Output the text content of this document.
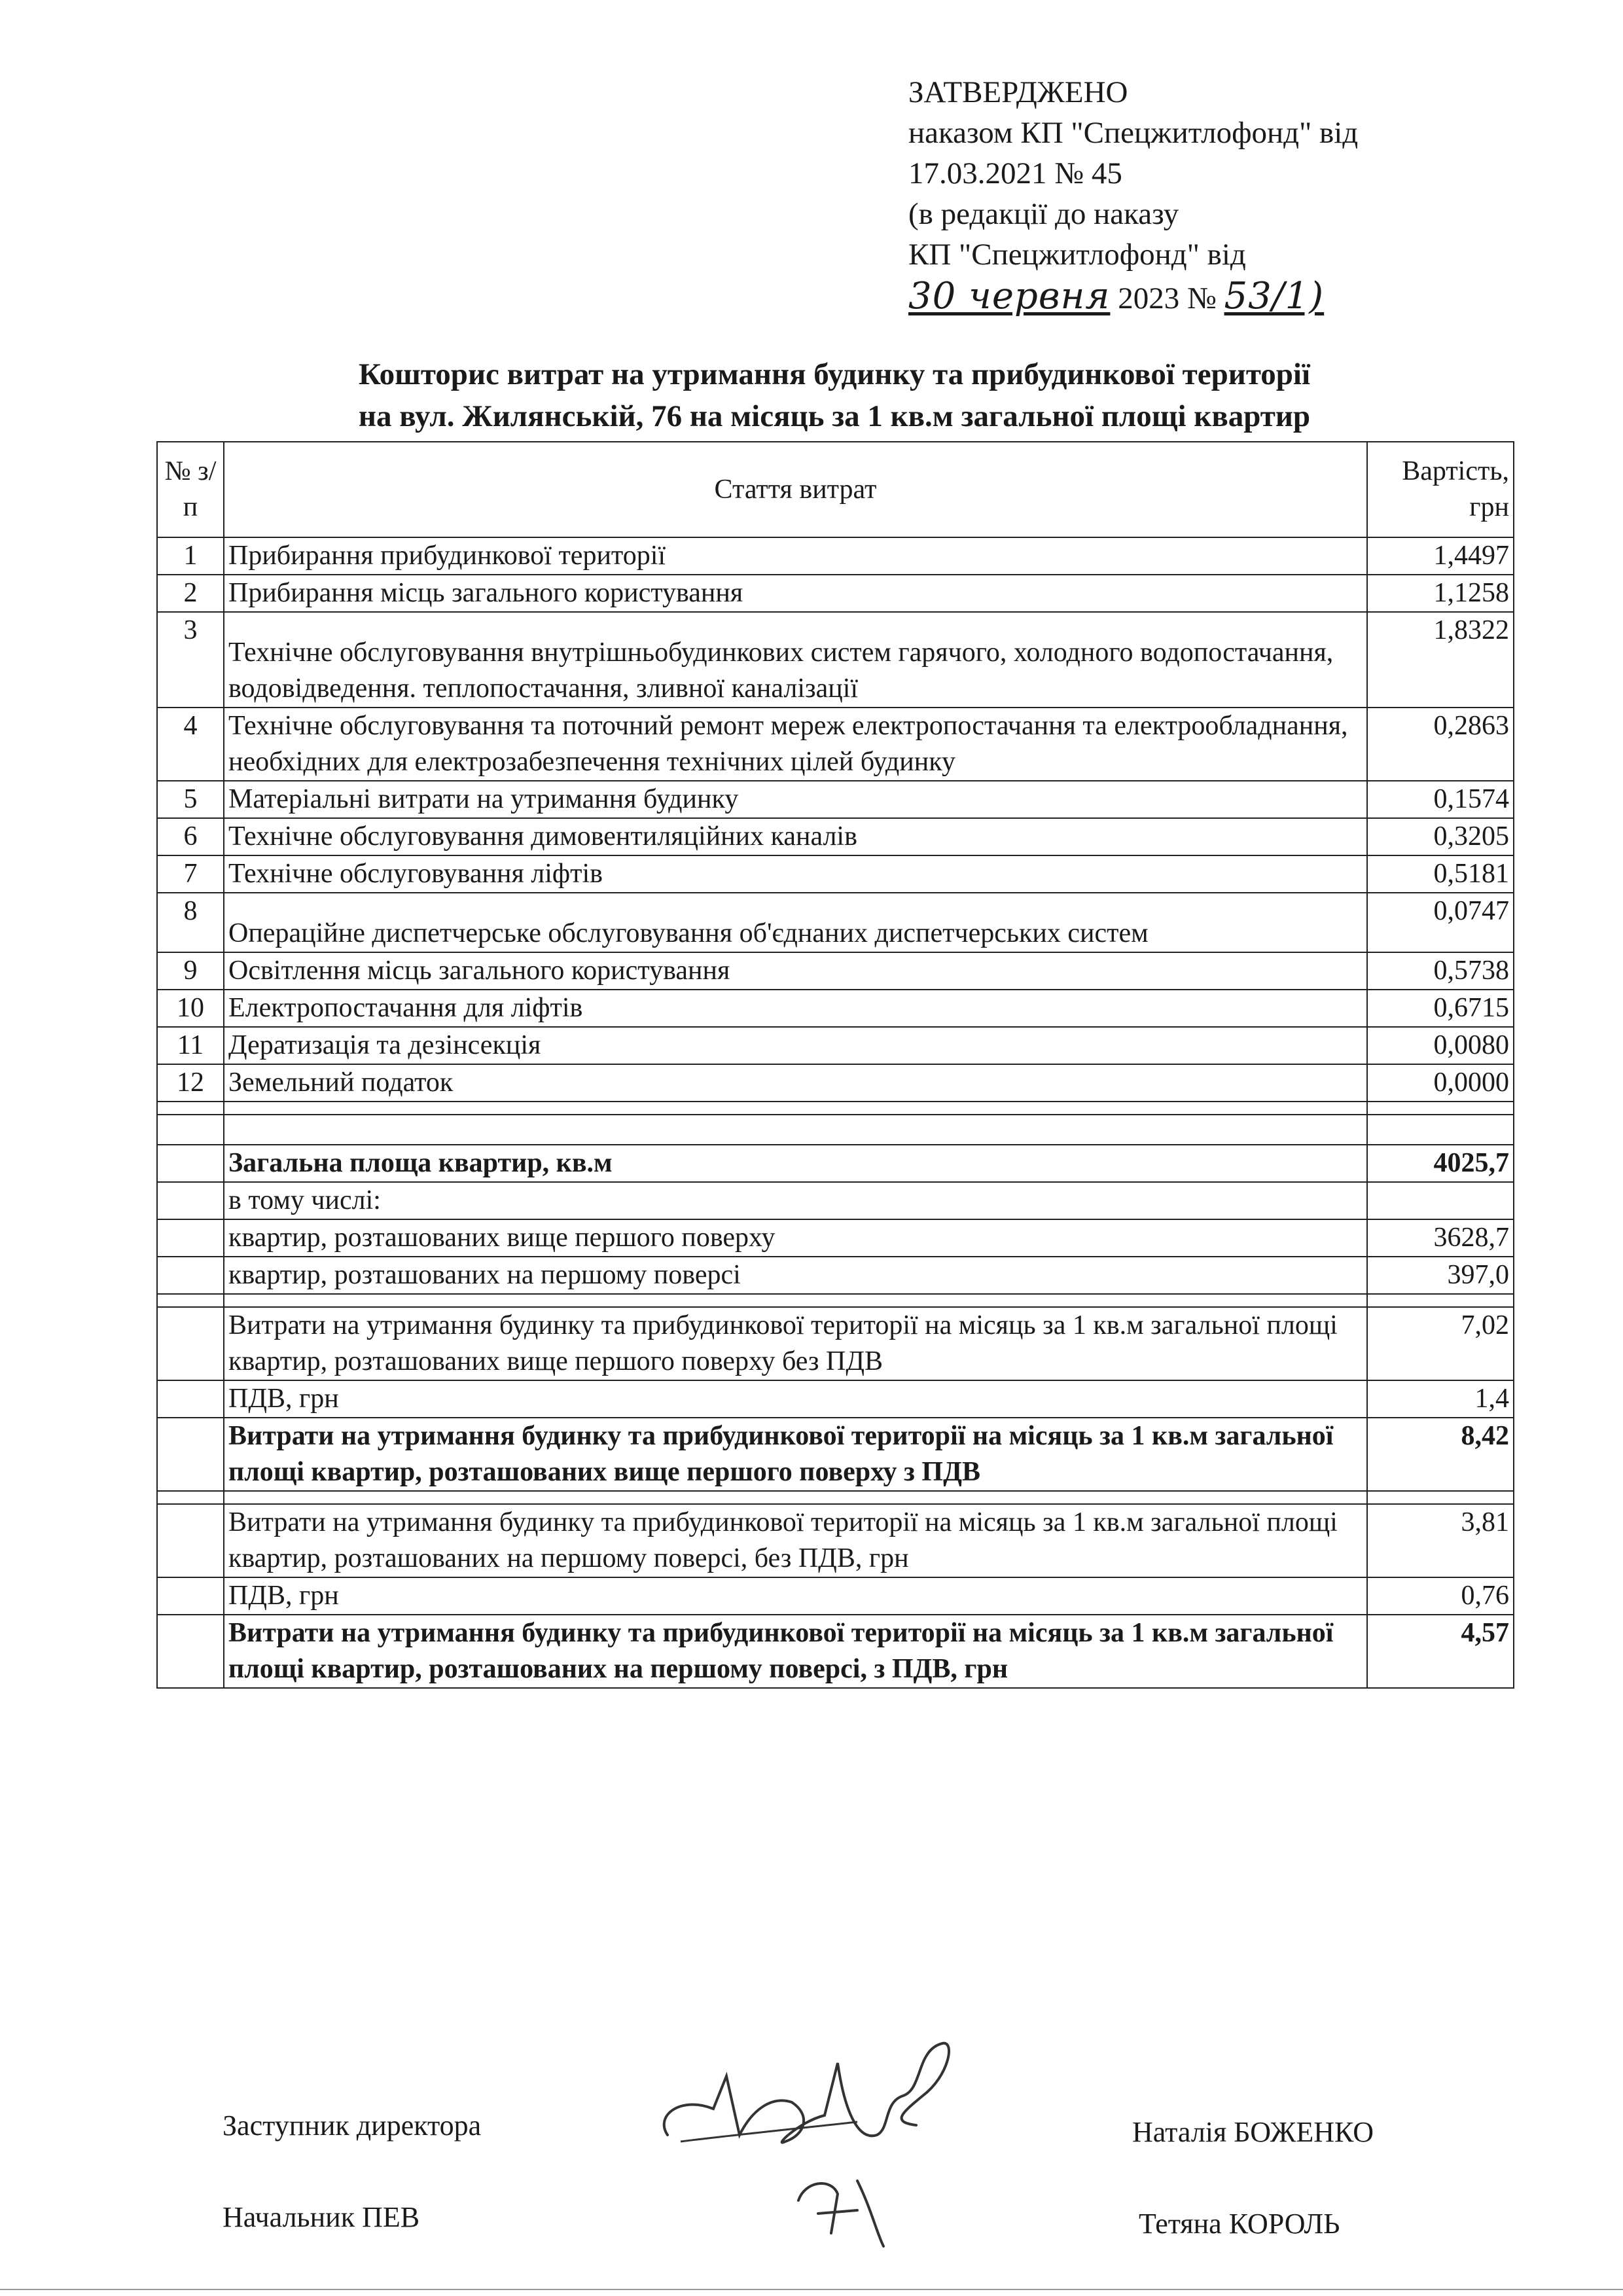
ЗАТВЕРДЖЕНО
наказом КП "Спецжитлофонд" від
17.03.2021 № 45
(в редакції до наказу
КП "Спецжитлофонд" від
30 червня 2023 № 53/1)
Кошторис витрат на утримання будинку та прибудинкової території
на вул. Жилянській, 76 на місяць за 1 кв.м загальної площі квартир
№ з/п	Стаття витрат	Вартість, грн
1	Прибирання прибудинкової території	1,4497
2	Прибирання місць загального користування	1,1258
3	Технічне обслуговування внутрішньобудинкових систем гарячого, холодного водопостачання, водовідведення. теплопостачання, зливної каналізації	1,8322
4	Технічне обслуговування та поточний ремонт мереж електропостачання та електрообладнання, необхідних для електрозабезпечення технічних цілей будинку	0,2863
5	Матеріальні витрати на утримання будинку	0,1574
6	Технічне обслуговування димовентиляційних каналів	0,3205
7	Технічне обслуговування ліфтів	0,5181
8	Операційне диспетчерське обслуговування об'єднаних диспетчерських систем	0,0747
9	Освітлення місць загального користування	0,5738
10	Електропостачання для ліфтів	0,6715
11	Дератизація та дезінсекція	0,0080
12	Земельний податок	0,0000

	Загальна площа квартир, кв.м	4025,7
	в тому числі:	
	квартир, розташованих вище першого поверху	3628,7
	квартир, розташованих на першому поверсі	397,0

	Витрати на утримання будинку та прибудинкової території на місяць за 1 кв.м загальної площі квартир, розташованих вище першого поверху без ПДВ	7,02
	ПДВ, грн	1,4
	Витрати на утримання будинку та прибудинкової території на місяць за 1 кв.м загальної площі квартир, розташованих вище першого поверху з ПДВ	8,42

	Витрати на утримання будинку та прибудинкової території на місяць за 1 кв.м загальної площі квартир, розташованих на першому поверсі, без ПДВ, грн	3,81
	ПДВ, грн	0,76
	Витрати на утримання будинку та прибудинкової території на місяць за 1 кв.м загальної площі квартир, розташованих на першому поверсі, з ПДВ, грн	4,57
Заступник директора	Наталія БОЖЕНКО
Начальник ПЕВ	Тетяна КОРОЛЬ
